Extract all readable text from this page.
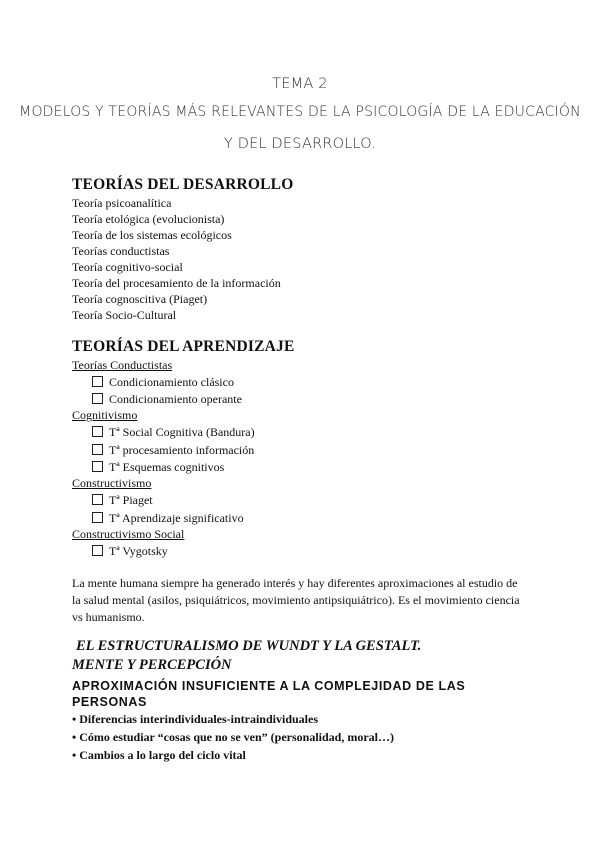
TEMA 2
MODELOS Y TEORÍAS MÁS RELEVANTES DE LA PSICOLOGÍA DE LA EDUCACIÓN
Y DEL DESARROLLO.
TEORÍAS DEL DESARROLLO
Teoría psicoanalítica
Teoría etológica (evolucionista)
Teoría de los sistemas ecológicos
Teorías conductistas
Teoría cognitivo-social
Teoría del procesamiento de la información
Teoría cognoscitiva (Piaget)
Teoría Socio-Cultural
TEORÍAS DEL APRENDIZAJE
Teorías Conductistas
Condicionamiento clásico
Condicionamiento operante
Cognitivismo
Tª Social Cognitiva (Bandura)
Tª procesamiento información
Tª Esquemas cognitivos
Constructivismo
Tª Piaget
Tª Aprendizaje significativo
Constructivismo Social
Tª Vygotsky
La mente humana siempre ha generado interés y hay diferentes aproximaciones al estudio de
la salud mental (asilos, psiquiátricos, movimiento antipsiquiátrico). Es el movimiento ciencia
vs humanismo.
EL ESTRUCTURALISMO DE WUNDT Y LA GESTALT.
MENTE Y PERCEPCIÓN
APROXIMACIÓN INSUFICIENTE A LA COMPLEJIDAD DE LAS PERSONAS
• Diferencias interindividuales-intraindividuales
• Cómo estudiar “cosas que no se ven” (personalidad, moral…)
• Cambios a lo largo del ciclo vital
